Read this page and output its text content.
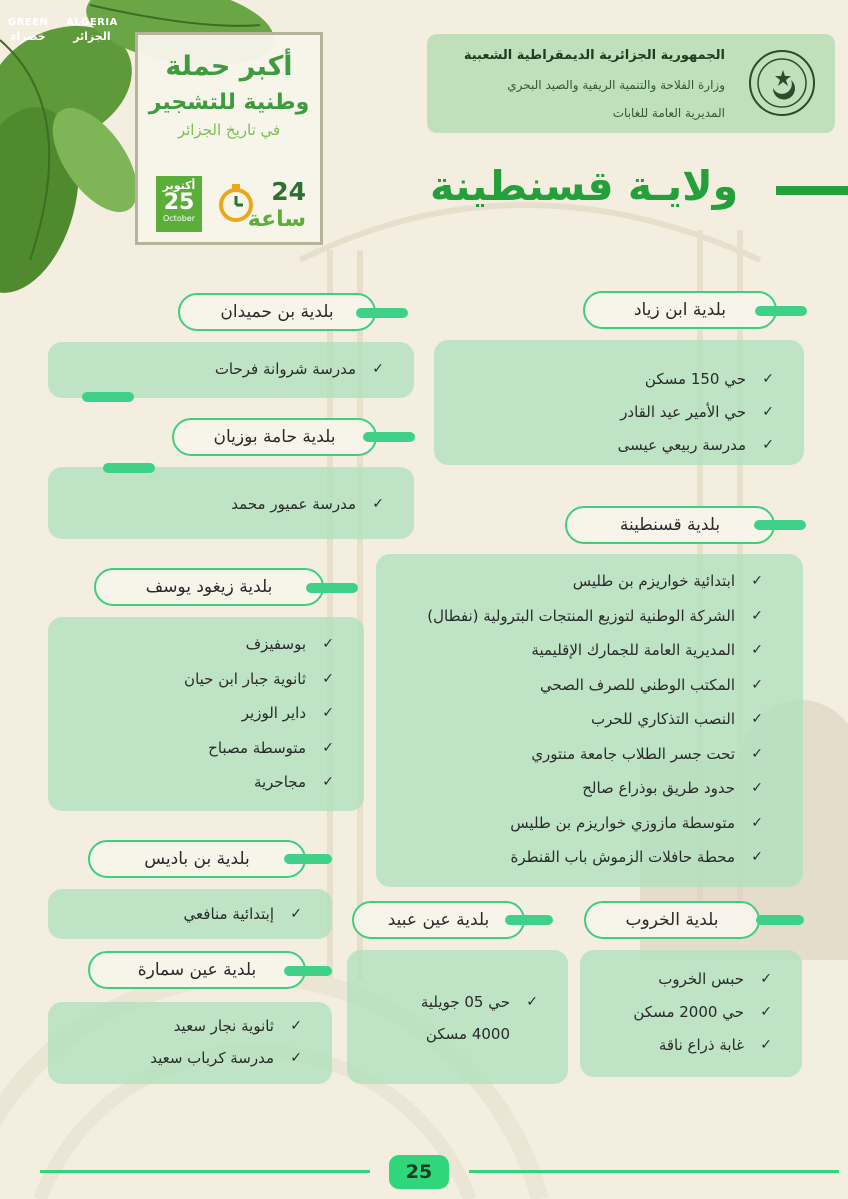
GREEN
خضراء
ALGERIA
الجزائر
أكبر حملة
وطنية للتشجير
في تاريخ الجزائر
أكتوبر
25
October
24
ساعة
الجمهورية الجزائرية الديمقراطية الشعبية
وزارة الفلاحة والتنمية الريفية والصيد البحري
المديرية العامة للغابات
ولايـة قسنطينة
✓
حي 150 مسكن
✓
حي الأمير عيد القادر
✓
مدرسة ربيعي عيسى
بلدية ابن زياد
✓
مدرسة شروانة فرحات
بلدية بن حميدان
✓
مدرسة عميور محمد
بلدية حامة بوزيان
✓
ابتدائية خواريزم بن طليس
✓
الشركة الوطنية لتوزيع المنتجات البترولية (نفطال)
✓
المديرية العامة للجمارك الإقليمية
✓
المكتب الوطني للصرف الصحي
✓
النصب التذكاري للحرب
✓
تحت جسر الطلاب جامعة منتوري
✓
حدود طريق بوذراع صالح
✓
متوسطة مازوزي خواريزم بن طليس
✓
محطة حافلات الزموش باب القنطرة
بلدية قسنطينة
✓
بوسفيزف
✓
ثانوية جبار ابن حيان
✓
داير الوزير
✓
متوسطة مصباح
✓
مجاحرية
بلدية زيغود يوسف
✓
إبتدائية منافعي
بلدية بن باديس
✓
ثانوية نجار سعيد
✓
مدرسة كرباب سعيد
بلدية عين سمارة
✓
حي 05 جويلية
4000 مسكن
بلدية عين عبيد
✓
حبس الخروب
✓
حي 2000 مسكن
✓
غابة ذراع ناقة
بلدية الخروب
25
